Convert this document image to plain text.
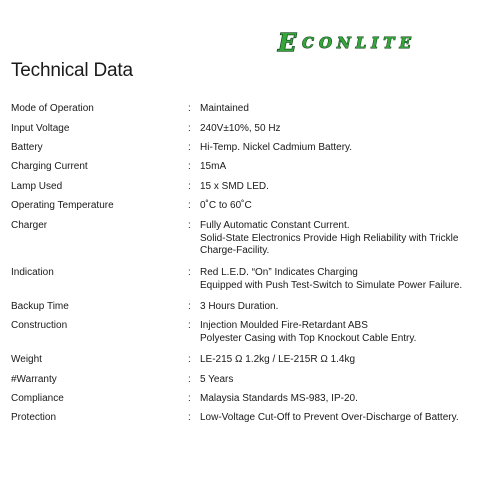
E CONLITE
Technical Data
Mode of Operation	: Maintained
Input Voltage	: 240V±10%, 50 Hz
Battery	: Hi-Temp. Nickel Cadmium Battery.
Charging Current	: 15mA
Lamp Used	: 15 x SMD LED.
Operating Temperature	: 0˚C to 60˚C
Charger	: Fully Automatic Constant Current.
Solid-State Electronics Provide High Reliability with Trickle
Charge-Facility.
Indication	: Red L.E.D. “On” Indicates Charging
Equipped with Push Test-Switch to Simulate Power Failure.
Backup Time	: 3 Hours Duration.
Construction	: Injection Moulded Fire-Retardant ABS
Polyester Casing with Top Knockout Cable Entry.
Weight	: LE-215 Ω 1.2kg / LE-215R Ω 1.4kg
#Warranty	: 5 Years
Compliance	: Malaysia Standards MS-983, IP-20.
Protection	: Low-Voltage Cut-Off to Prevent Over-Discharge of Battery.
